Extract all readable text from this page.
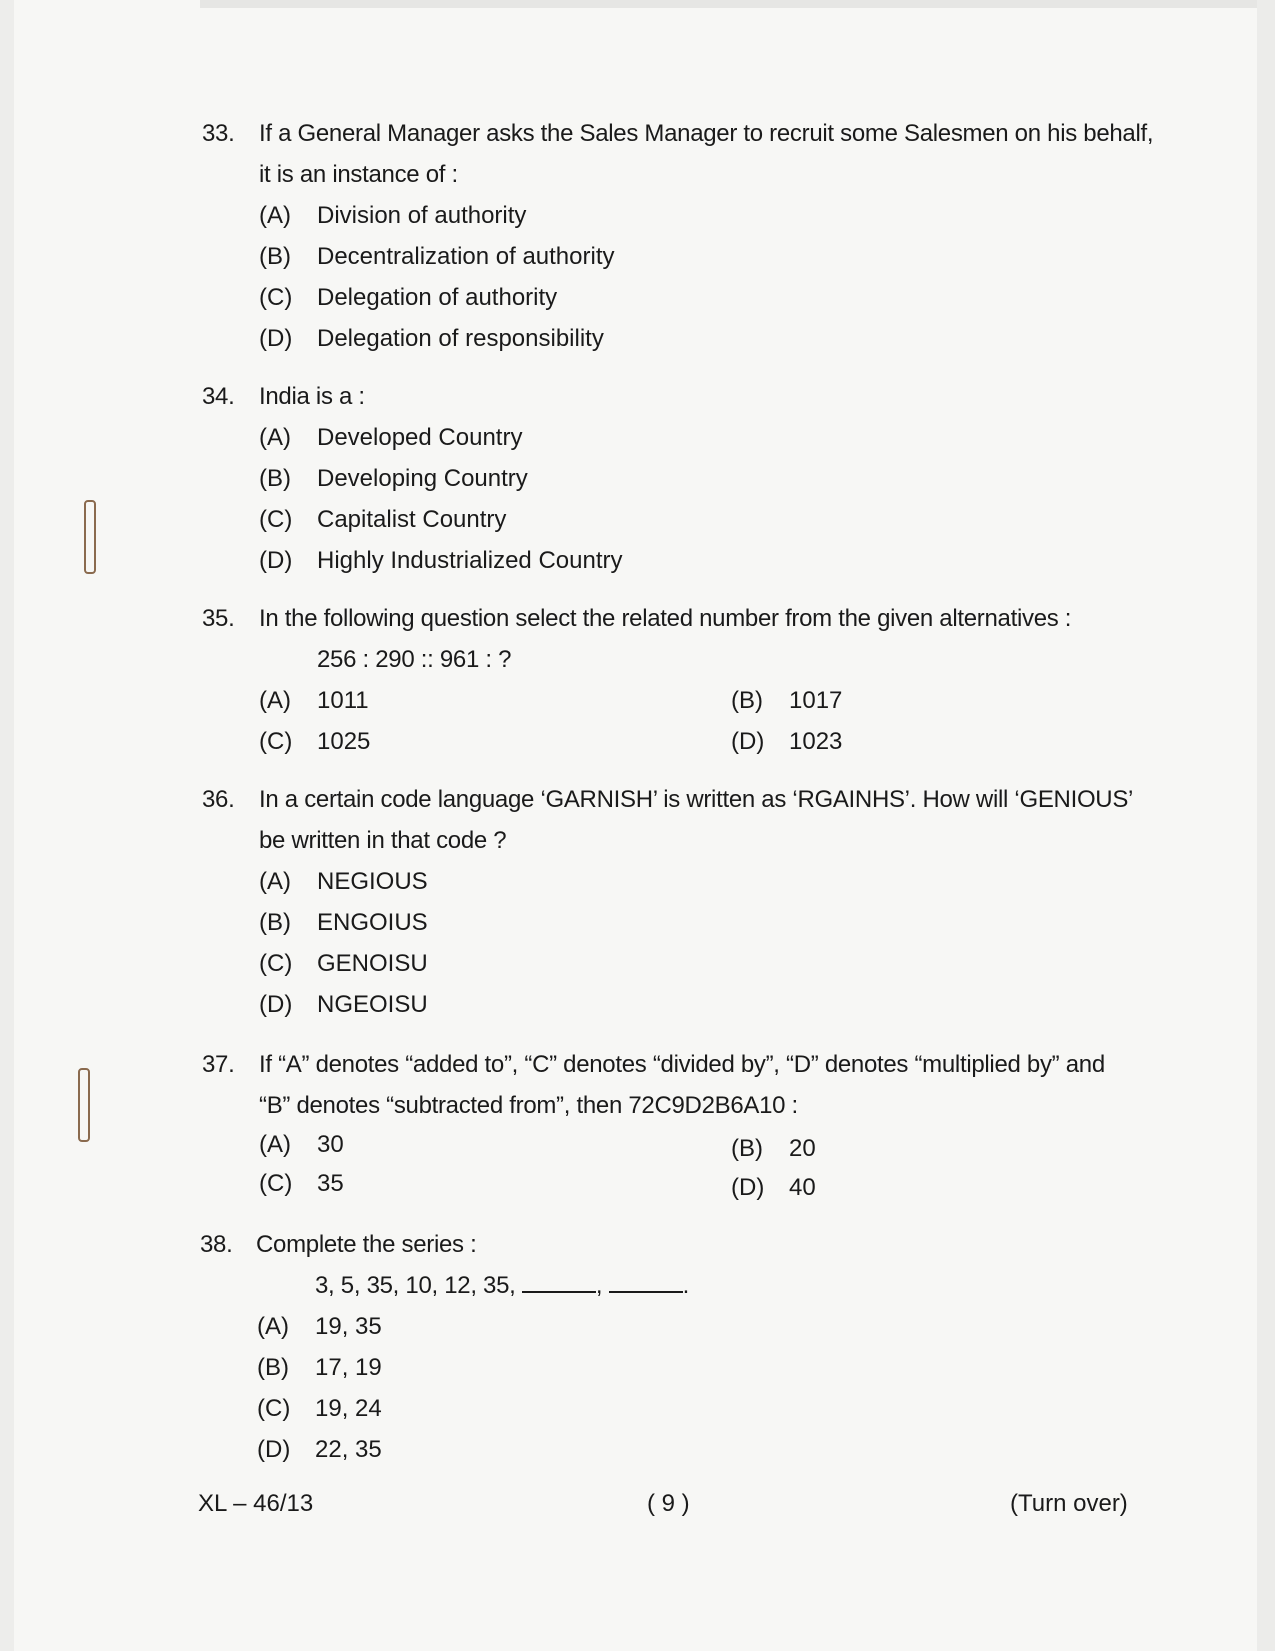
33. If a General Manager asks the Sales Manager to recruit some Salesmen on his behalf,
it is an instance of :
(A) Division of authority
(B) Decentralization of authority
(C) Delegation of authority
(D) Delegation of responsibility
34. India is a :
(A) Developed Country
(B) Developing Country
(C) Capitalist Country
(D) Highly Industrialized Country
35. In the following question select the related number from the given alternatives :
256 : 290 :: 961 : ?
(A) 1011	(B) 1017
(C) 1025	(D) 1023
36. In a certain code language ‘GARNISH’ is written as ‘RGAINHS’. How will ‘GENIOUS’
be written in that code ?
(A) NEGIOUS
(B) ENGOIUS
(C) GENOISU
(D) NGEOISU
37. If “A” denotes “added to”, “C” denotes “divided by”, “D” denotes “multiplied by” and
“B” denotes “subtracted from”, then 72C9D2B6A10 :
(A) 30	(B) 20
(C) 35	(D) 40
38. Complete the series :
3, 5, 35, 10, 12, 35,	,	.
(A) 19, 35
(B) 17, 19
(C) 19, 24
(D) 22, 35
XL – 46/13	( 9 )	(Turn over)
